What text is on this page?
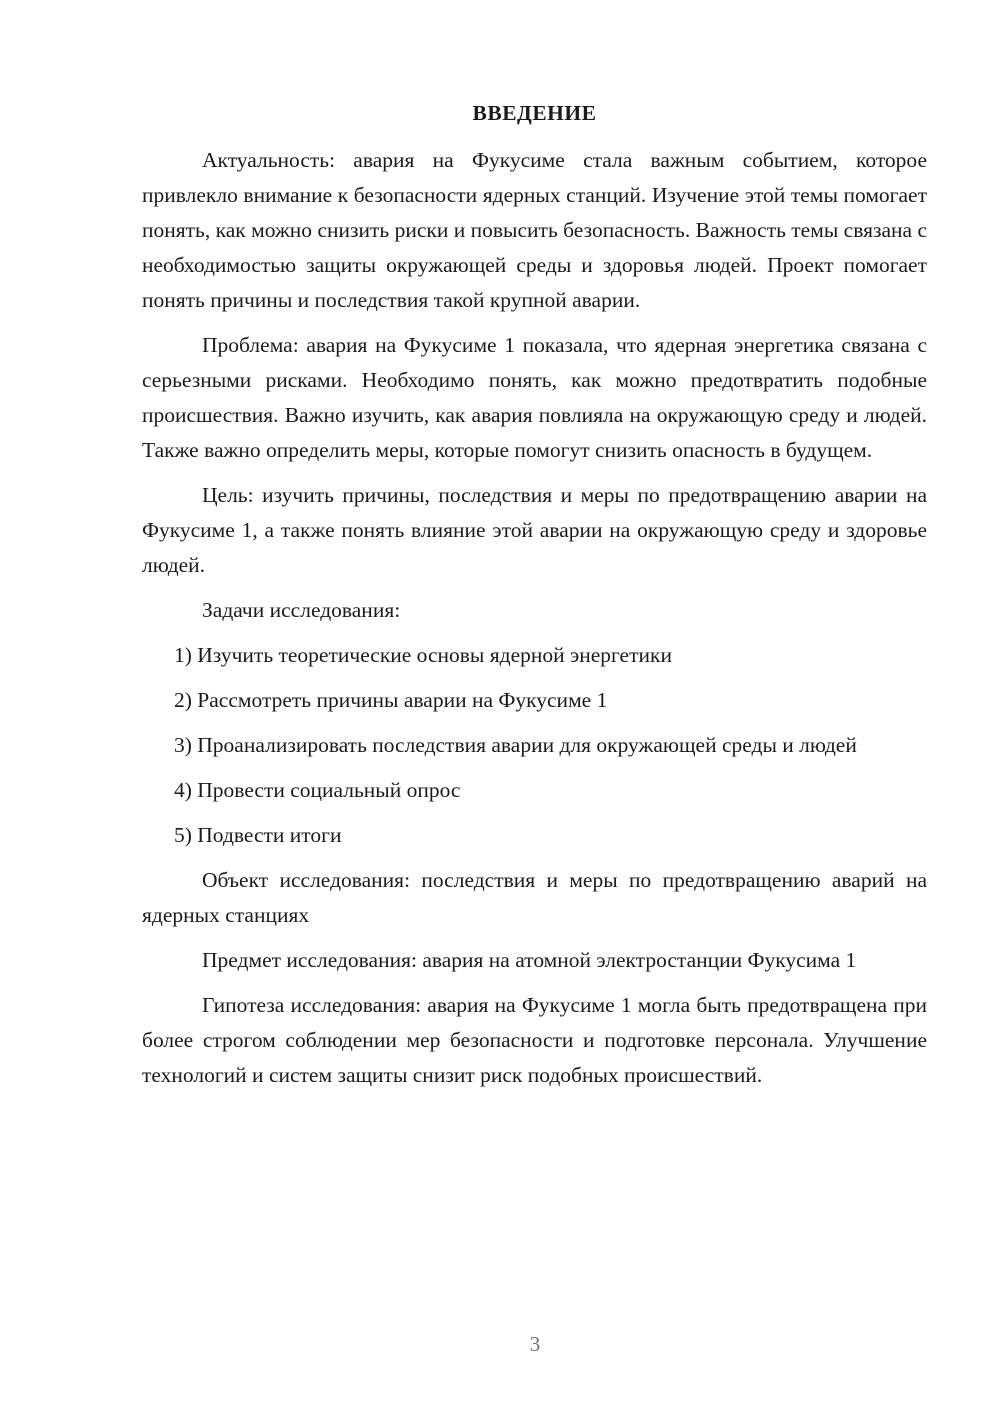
ВВЕДЕНИЕ

Актуальность: авария на Фукусиме стала важным событием, которое привлекло внимание к безопасности ядерных станций. Изучение этой темы помогает понять, как можно снизить риски и повысить безопасность. Важность темы связана с необходимостью защиты окружающей среды и здоровья людей. Проект помогает понять причины и последствия такой крупной аварии.

Проблема: авария на Фукусиме 1 показала, что ядерная энергетика связана с серьезными рисками. Необходимо понять, как можно предотвратить подобные происшествия. Важно изучить, как авария повлияла на окружающую среду и людей. Также важно определить меры, которые помогут снизить опасность в будущем.

Цель: изучить причины, последствия и меры по предотвращению аварии на Фукусиме 1, а также понять влияние этой аварии на окружающую среду и здоровье людей.

Задачи исследования:

1) Изучить теоретические основы ядерной энергетики

2) Рассмотреть причины аварии на Фукусиме 1

3) Проанализировать последствия аварии для окружающей среды и людей

4) Провести социальный опрос

5) Подвести итоги

Объект исследования: последствия и меры по предотвращению аварий на ядерных станциях

Предмет исследования: авария на атомной электростанции Фукусима 1

Гипотеза исследования: авария на Фукусиме 1 могла быть предотвращена при более строгом соблюдении мер безопасности и подготовке персонала. Улучшение технологий и систем защиты снизит риск подобных происшествий.

3
